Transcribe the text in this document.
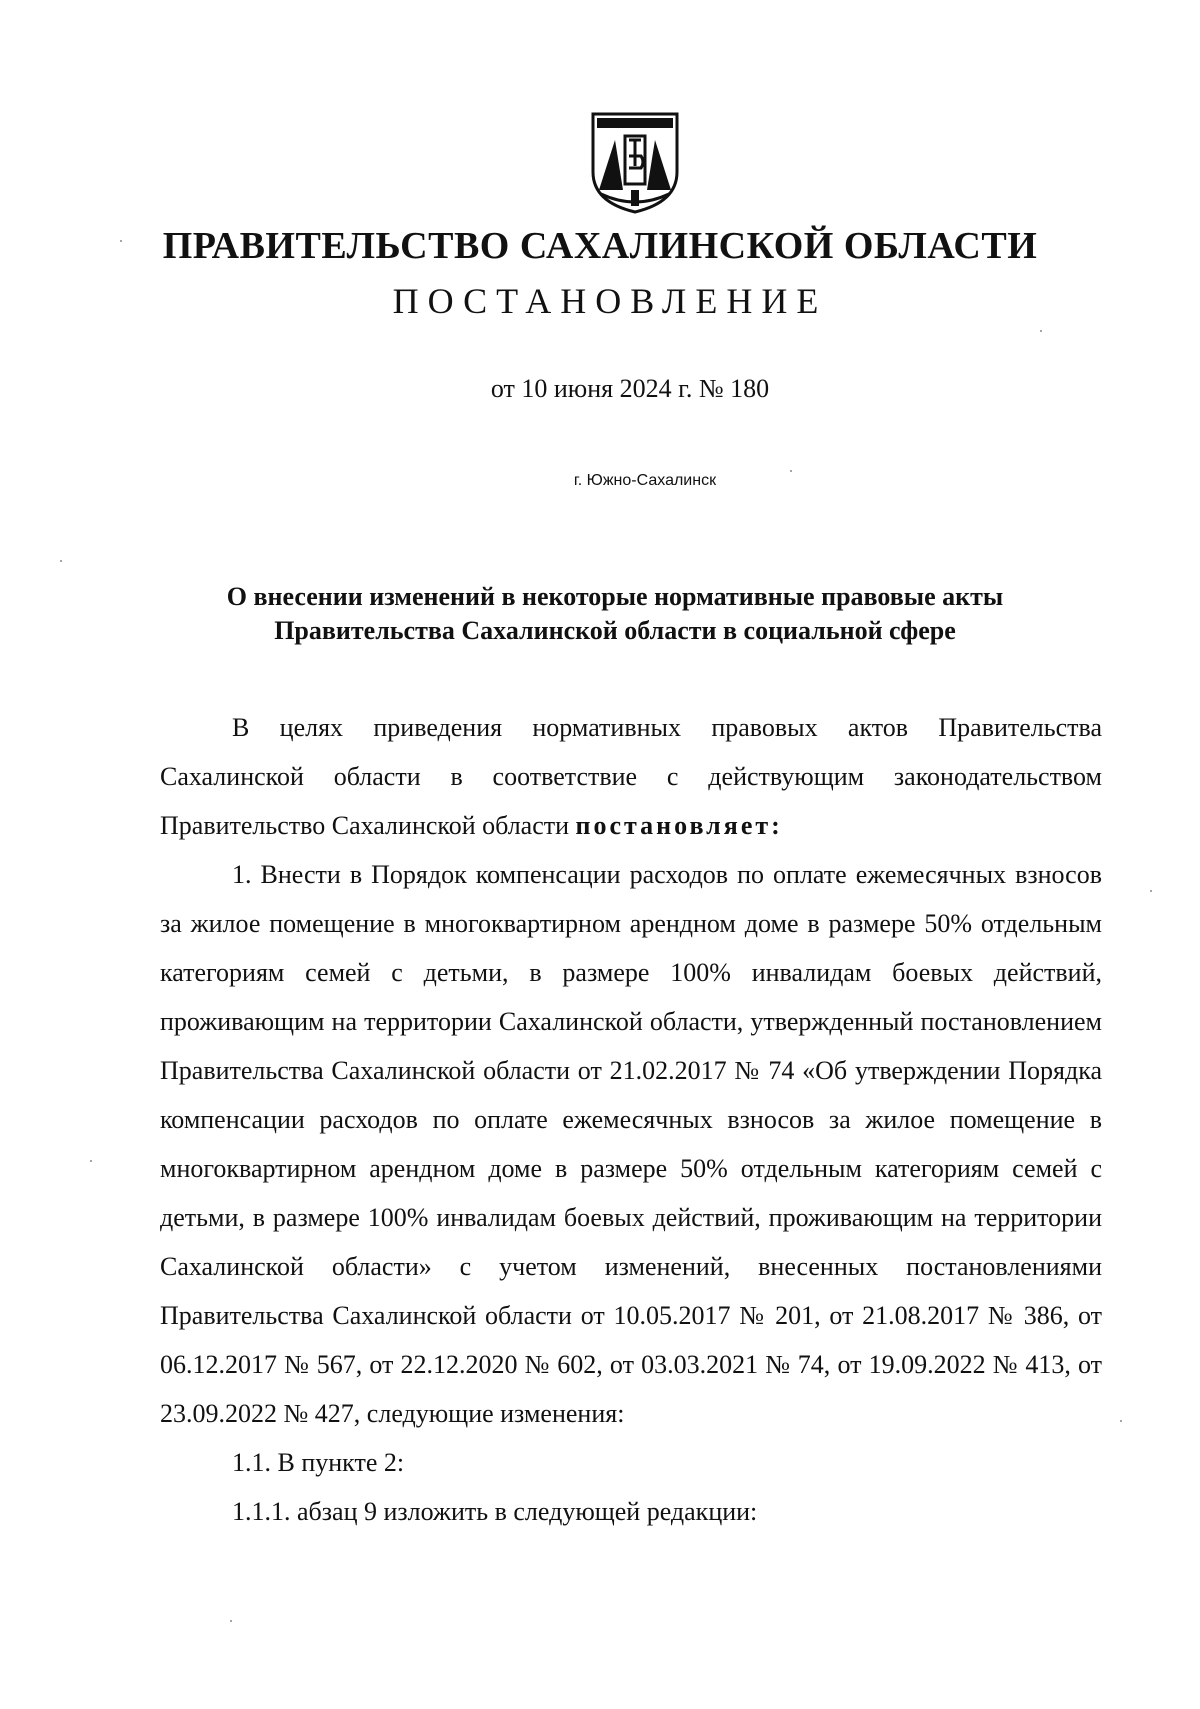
ПРАВИТЕЛЬСТВО САХАЛИНСКОЙ ОБЛАСТИ
ПОСТАНОВЛЕНИЕ
от 10 июня 2024 г. № 180
г. Южно-Сахалинск
О внесении изменений в некоторые нормативные правовые акты
Правительства Сахалинской области в социальной сфере

В целях приведения нормативных правовых актов Правительства Сахалинской области в соответствие с действующим законодательством Правительство Сахалинской области постановляет:

1. Внести в Порядок компенсации расходов по оплате ежемесячных взносов за жилое помещение в многоквартирном арендном доме в размере 50% отдельным категориям семей с детьми, в размере 100% инвалидам боевых действий, проживающим на территории Сахалинской области, утвержденный постановлением Правительства Сахалинской области от 21.02.2017 № 74 «Об утверждении Порядка компенсации расходов по оплате ежемесячных взносов за жилое помещение в многоквартирном арендном доме в размере 50% отдельным категориям семей с детьми, в размере 100% инвалидам боевых действий, проживающим на территории Сахалинской области» с учетом изменений, внесенных постановлениями Правительства Сахалинской области от 10.05.2017 № 201, от 21.08.2017 № 386, от 06.12.2017 № 567, от 22.12.2020 № 602, от 03.03.2021 № 74, от 19.09.2022 № 413, от 23.09.2022 № 427, следующие изменения:

1.1. В пункте 2:

1.1.1. абзац 9 изложить в следующей редакции:
